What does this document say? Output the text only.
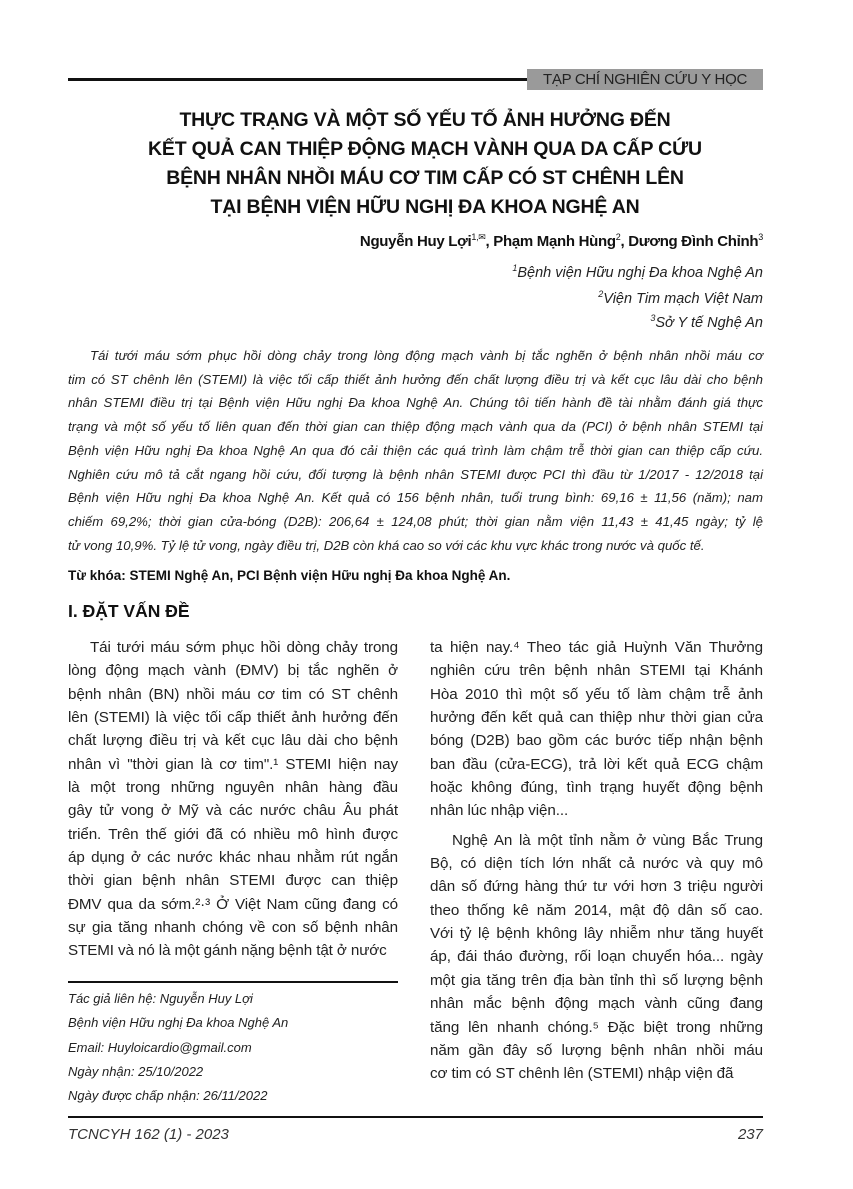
TẠP CHÍ NGHIÊN CỨU Y HỌC
THỰC TRẠNG VÀ MỘT SỐ YẾU TỐ ẢNH HƯỞNG ĐẾN
KẾT QUẢ CAN THIỆP ĐỘNG MẠCH VÀNH QUA DA CẤP CỨU
BỆNH NHÂN NHỒI MÁU CƠ TIM CẤP CÓ ST CHÊNH LÊN
TẠI BỆNH VIỆN HỮU NGHỊ ĐA KHOA NGHỆ AN
Nguyễn Huy Lợi$^{1,✉}$, Phạm Mạnh Hùng$^2$, Dương Đình Chỉnh$^3$
$^1$Bệnh viện Hữu nghị Đa khoa Nghệ An
$^2$Viện Tim mạch Việt Nam
$^3$Sở Y tế Nghệ An
Tái tưới máu sớm phục hồi dòng chảy trong lòng động mạch vành bị tắc nghẽn ở bệnh nhân nhồi máu cơ
tim có ST chênh lên (STEMI) là việc tối cấp thiết ảnh hưởng đến chất lượng điều trị và kết cục lâu dài cho bệnh
nhân STEMI điều trị tại Bệnh viện Hữu nghị Đa khoa Nghệ An. Chúng tôi tiến hành đề tài nhằm đánh giá thực
trạng và một số yếu tố liên quan đến thời gian can thiệp động mạch vành qua da (PCI) ở bệnh nhân STEMI tại
Bệnh viện Hữu nghị Đa khoa Nghệ An qua đó cải thiện các quá trình làm chậm trễ thời gian can thiệp cấp cứu.
Nghiên cứu mô tả cắt ngang hồi cứu, đối tượng là bệnh nhân STEMI được PCI thì đầu từ 1/2017 - 12/2018 tại
Bệnh viện Hữu nghị Đa khoa Nghệ An. Kết quả có 156 bệnh nhân, tuổi trung bình: 69,16 ± 11,56 (năm); nam
chiếm 69,2%; thời gian cửa-bóng (D2B): 206,64 ± 124,08 phút; thời gian nằm viện 11,43 ± 41,45 ngày; tỷ lệ
tử vong 10,9%. Tỷ lệ tử vong, ngày điều trị, D2B còn khá cao so với các khu vực khác trong nước và quốc tế.
Từ khóa: STEMI Nghệ An, PCI Bệnh viện Hữu nghị Đa khoa Nghệ An.
I. ĐẶT VẤN ĐỀ
Tái tưới máu sớm phục hồi dòng chảy trong
lòng động mạch vành (ĐMV) bị tắc nghẽn ở
bệnh nhân (BN) nhồi máu cơ tim có ST chênh
lên (STEMI) là việc tối cấp thiết ảnh hưởng đến
chất lượng điều trị và kết cục lâu dài cho bệnh
nhân vì "thời gian là cơ tim".¹ STEMI hiện nay
là một trong những nguyên nhân hàng đầu
gây tử vong ở Mỹ và các nước châu Âu phát
triển. Trên thế giới đã có nhiều mô hình được
áp dụng ở các nước khác nhau nhằm rút ngắn
thời gian bệnh nhân STEMI được can thiệp
ĐMV qua da sớm.²·³ Ở Việt Nam cũng đang có
sự gia tăng nhanh chóng về con số bệnh nhân
STEMI và nó là một gánh nặng bệnh tật ở nước
ta hiện nay.⁴ Theo tác giả Huỳnh Văn Thưởng
nghiên cứu trên bệnh nhân STEMI tại Khánh
Hòa 2010 thì một số yếu tố làm chậm trễ ảnh
hưởng đến kết quả can thiệp như thời gian cửa
bóng (D2B) bao gồm các bước tiếp nhận bệnh
ban đầu (cửa-ECG), trả lời kết quả ECG chậm
hoặc không đúng, tình trạng huyết động bệnh
nhân lúc nhập viện...
Nghệ An là một tỉnh nằm ở vùng Bắc Trung
Bộ, có diện tích lớn nhất cả nước và quy mô
dân số đứng hàng thứ tư với hơn 3 triệu người
theo thống kê năm 2014, mật độ dân số cao.
Với tỷ lệ bệnh không lây nhiễm như tăng huyết
áp, đái tháo đường, rối loạn chuyển hóa... ngày
một gia tăng trên địa bàn tỉnh thì số lượng bệnh
nhân mắc bệnh động mạch vành cũng đang
tăng lên nhanh chóng.⁵ Đặc biệt trong những
năm gần đây số lượng bệnh nhân nhồi máu
cơ tim có ST chênh lên (STEMI) nhập viện đã
Tác giả liên hệ: Nguyễn Huy Lợi
Bệnh viện Hữu nghị Đa khoa Nghệ An
Email: Huyloicardio@gmail.com
Ngày nhận: 25/10/2022
Ngày được chấp nhận: 26/11/2022
TCNCYH 162 (1) - 2023	237
